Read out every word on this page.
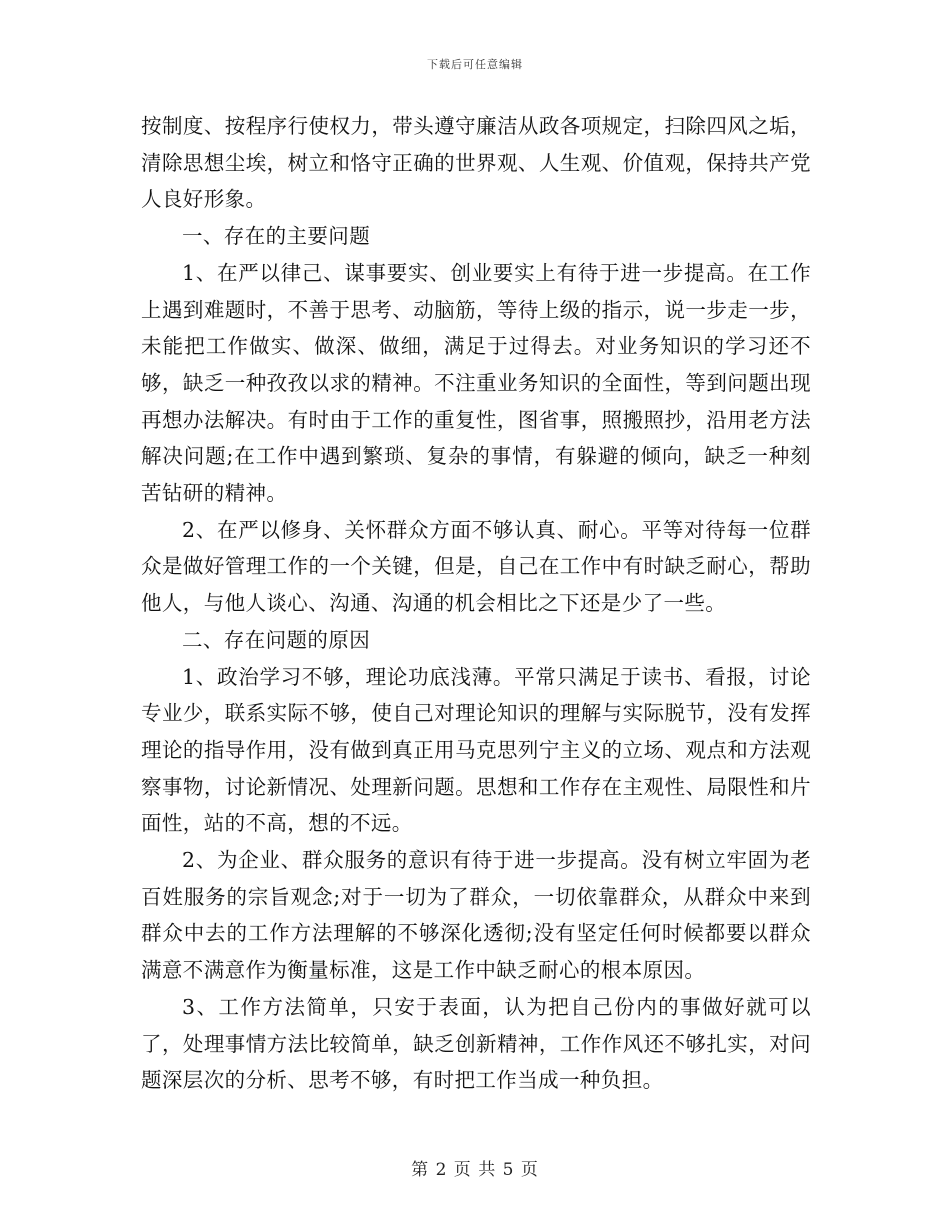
下载后可任意编辑

按制度、按程序行使权力，带头遵守廉洁从政各项规定，扫除四风之垢，清除思想尘埃，树立和恪守正确的世界观、人生观、价值观，保持共产党人良好形象。

一、存在的主要问题

1、在严以律己、谋事要实、创业要实上有待于进一步提高。在工作上遇到难题时，不善于思考、动脑筋，等待上级的指示，说一步走一步，未能把工作做实、做深、做细，满足于过得去。对业务知识的学习还不够，缺乏一种孜孜以求的精神。不注重业务知识的全面性，等到问题出现再想办法解决。有时由于工作的重复性，图省事，照搬照抄，沿用老方法解决问题;在工作中遇到繁琐、复杂的事情，有躲避的倾向，缺乏一种刻苦钻研的精神。

2、在严以修身、关怀群众方面不够认真、耐心。平等对待每一位群众是做好管理工作的一个关键，但是，自己在工作中有时缺乏耐心，帮助他人，与他人谈心、沟通、沟通的机会相比之下还是少了一些。

二、存在问题的原因

1、政治学习不够，理论功底浅薄。平常只满足于读书、看报，讨论专业少，联系实际不够，使自己对理论知识的理解与实际脱节，没有发挥理论的指导作用，没有做到真正用马克思列宁主义的立场、观点和方法观察事物，讨论新情况、处理新问题。思想和工作存在主观性、局限性和片面性，站的不高，想的不远。

2、为企业、群众服务的意识有待于进一步提高。没有树立牢固为老百姓服务的宗旨观念;对于一切为了群众，一切依靠群众，从群众中来到群众中去的工作方法理解的不够深化透彻;没有坚定任何时候都要以群众满意不满意作为衡量标准，这是工作中缺乏耐心的根本原因。

3、工作方法简单，只安于表面，认为把自己份内的事做好就可以了，处理事情方法比较简单，缺乏创新精神，工作作风还不够扎实，对问题深层次的分析、思考不够，有时把工作当成一种负担。

第 2 页 共 5 页
